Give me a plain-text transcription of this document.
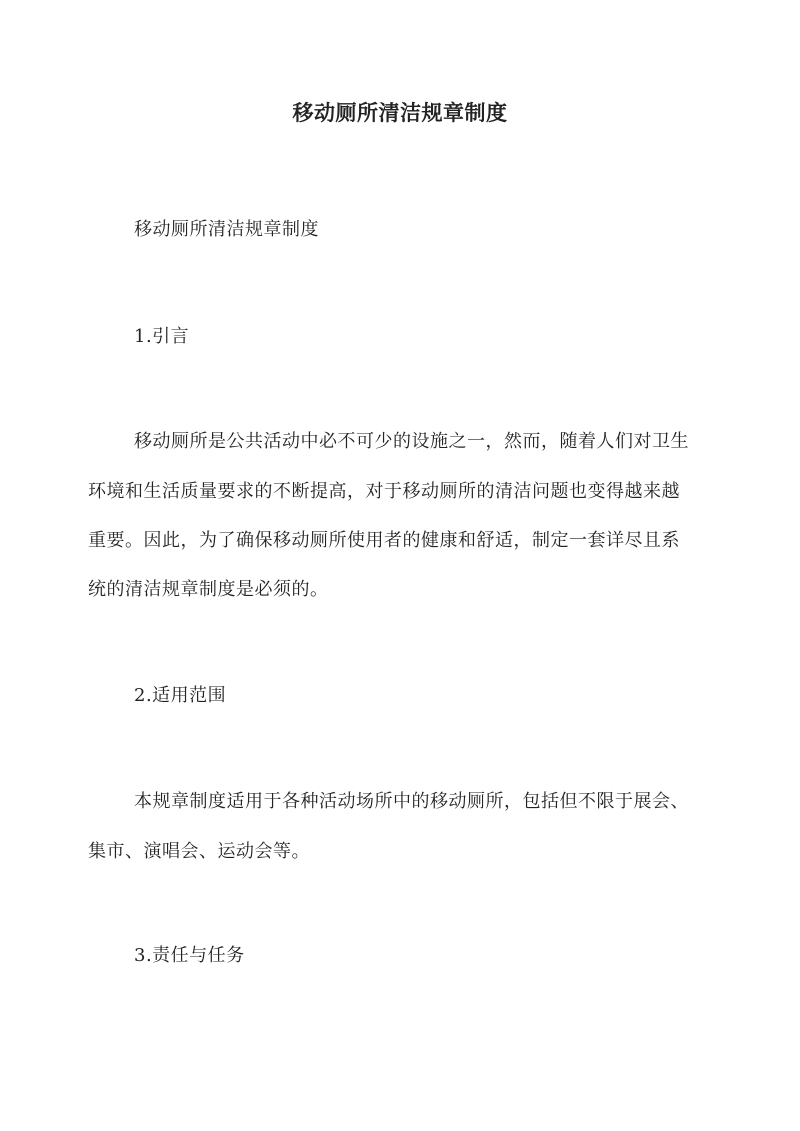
移动厕所清洁规章制度
移动厕所清洁规章制度
1.引言
移动厕所是公共活动中必不可少的设施之一，然而，随着人们对卫生
环境和生活质量要求的不断提高，对于移动厕所的清洁问题也变得越来越
重要。因此，为了确保移动厕所使用者的健康和舒适，制定一套详尽且系
统的清洁规章制度是必须的。
2.适用范围
本规章制度适用于各种活动场所中的移动厕所，包括但不限于展会、
集市、演唱会、运动会等。
3.责任与任务
